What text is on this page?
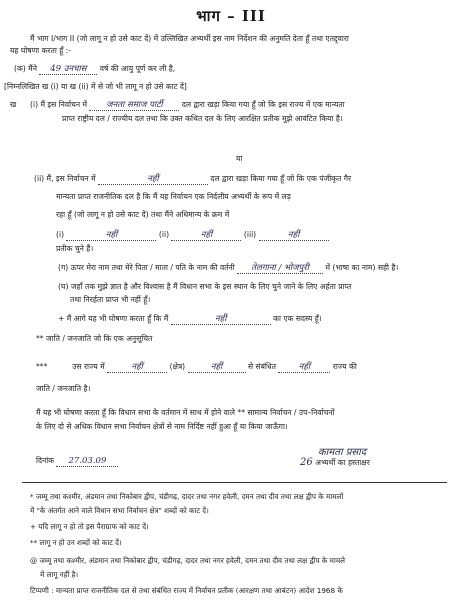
भाग – III
मैं भाग I/भाग II (जो लागू न हो उसे काट दें) में उल्लिखित अभ्यर्थी इस नाम निर्देशन की अनुमति देता हूँ तथा एतद्द्वारा
यह घोषणा करता हूँ :-
(क) मैंने 49 उनचास वर्ष की आयु पूर्ण कर ली है,
[निम्नलिखित ख (i) या ख (ii) में से जो भी लागू न हो उसे काट दें]
ख (i) मैं इस निर्वाचन में जनता समाज पार्टी	दल द्वारा खड़ा किया गया हूँ जो कि इस राज्य में एक मान्यता
प्राप्त राष्ट्रीय दल / राज्यीय दल तथा कि उक्त कथित दल के लिए आरक्षित प्रतीक मुझे आवंटित किया है।
या
(ii) मैं, इस निर्वाचन में	नहीं	दल द्वारा खड़ा किया गया हूँ जो कि एक पंजीकृत गैर
मान्यता प्राप्त राजनीतिक दल है कि मैं यह निर्वाचन एक निर्दलीय अभ्यर्थी के रूप में लड़
रहा हूँ (जो लागू न हो उसे काट दें) तथा मैंने अधिमान्य के क्रम में
(i)	नहीं	(ii)	नहीं	(iii)	नहीं
प्रतीक चुने हैं।
(ग) ऊपर मेरा नाम तथा मेरे पिता / माता / पति के नाम की वर्तनी तेलगाना / भोजपुरी में (भाषा का नाम) सही है।
(घ) जहाँ तक मुझे ज्ञात है और विश्वास है मैं विधान सभा के इस स्थान के लिए चुने जाने के लिए अर्हता प्राप्त
तथा निरर्हता प्राप्त भी नहीं हूँ।
+ मैं आगे यह भी घोषणा करता हूँ कि मैं	नहीं	का एक सदस्य हूँ।
** जाति / जनजाति जो कि एक अनुसूचित
***	उस राज्य में	नहीं	(क्षेत्र)	नहीं	से संबंधित	नहीं	राज्य की
जाति / जनजाति है।
मैं यह भी घोषणा करता हूँ कि विधान सभा के वर्तमान में साथ में होने वाले ** सामान्य निर्वाचन / उप–निर्वाचनों
के लिए दो से अधिक विधान सभा निर्वाचन क्षेत्रों से नाम निर्दिष्ट नहीं हुआ हूँ या किया जाऊँगा।
दिनांक 27.03.09
कामता प्रसाद
26 अभ्यर्थी का हस्ताक्षर
* जम्मू तथा कश्मीर, अंडमान तथा निकोबार द्वीप, चंडीगढ़, दादर तथा नगर हवेली, दमन तथा दीव तथा लक्ष द्वीप के मामलों
में "के अंतर्गत आने वाले विधान सभा निर्वाचन क्षेत्र" शब्दों को काट दें।
+ यदि लागू न हो तो इस पैराग्राफ को काट दें।
** लागू न हो उन शब्दों को काट दें।
@ जम्मू तथा कश्मीर, अंडमान तथा निकोबार द्वीप, चंडीगढ़, दादर तथा नगर हवेली, दमन तथा दीव तथा लक्ष द्वीप के मामले
में लागू नहीं है।
टिप्पणी : मान्यता प्राप्त राजनीतिक दल से तथा संबंधित राज्य में निर्वाचन प्रतीक (आरक्षण तथा आबंटन) आदेश 1968 के
